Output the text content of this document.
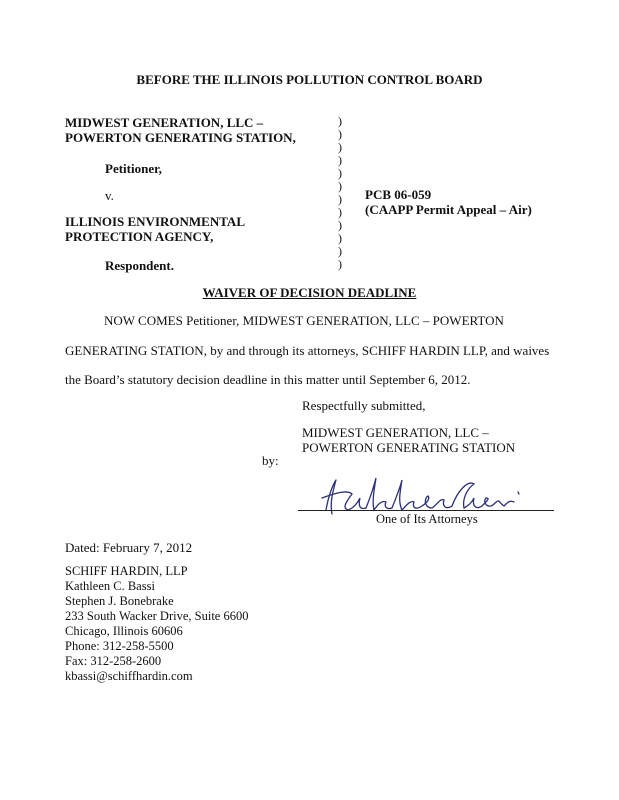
BEFORE THE ILLINOIS POLLUTION CONTROL BOARD
MIDWEST GENERATION, LLC –
POWERTON GENERATING STATION,
Petitioner,
v.
ILLINOIS ENVIRONMENTAL
PROTECTION AGENCY,
Respondent.
)
)
)
)
)
)
)
)
)
)
)
)
PCB 06-059
(CAAPP Permit Appeal – Air)
WAIVER OF DECISION DEADLINE
NOW COMES Petitioner, MIDWEST GENERATION, LLC – POWERTON
GENERATING STATION, by and through its attorneys, SCHIFF HARDIN LLP, and waives
the Board’s statutory decision deadline in this matter until September 6, 2012.
Respectfully submitted,
MIDWEST GENERATION, LLC –
POWERTON GENERATING STATION
by:
One of Its Attorneys
Dated: February 7, 2012
SCHIFF HARDIN, LLP
Kathleen C. Bassi
Stephen J. Bonebrake
233 South Wacker Drive, Suite 6600
Chicago, Illinois 60606
Phone: 312-258-5500
Fax: 312-258-2600
kbassi@schiffhardin.com
